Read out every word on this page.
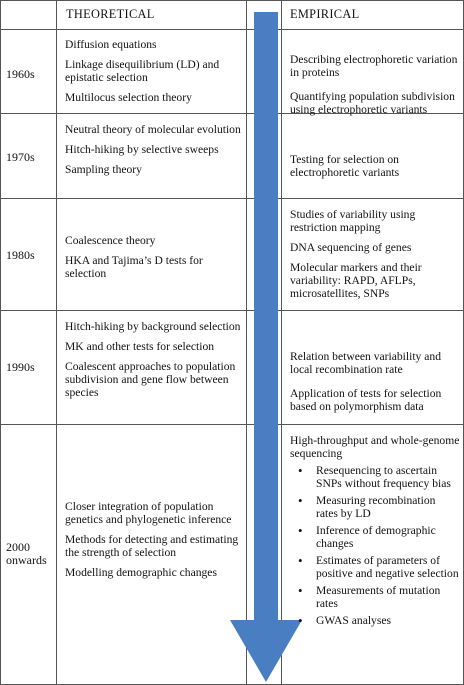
THEORETICAL	EMPIRICAL
1960s

Diffusion equations

Linkage disequilibrium (LD) and epistatic selection

Multilocus selection theory

Describing electrophoretic variation in proteins

Quantifying population subdivision using electrophoretic variants

1970s

Neutral theory of molecular evolution

Hitch-hiking by selective sweeps

Sampling theory

Testing for selection on electrophoretic variants

1980s

Coalescence theory

HKA and Tajima’s D tests for selection

Studies of variability using restriction mapping

DNA sequencing of genes

Molecular markers and their variability: RAPD, AFLPs, microsatellites, SNPs

1990s

Hitch-hiking by background selection

MK and other tests for selection

Coalescent approaches to population subdivision and gene flow between species

Relation between variability and local recombination rate

Application of tests for selection based on polymorphism data

2000 onwards

Closer integration of population genetics and phylogenetic inference

Methods for detecting and estimating the strength of selection

Modelling demographic changes

High-throughput and whole-genome sequencing
• Resequencing to ascertain SNPs without frequency bias
• Measuring recombination rates by LD
• Inference of demographic changes
• Estimates of parameters of positive and negative selection
• Measurements of mutation rates
• GWAS analyses
